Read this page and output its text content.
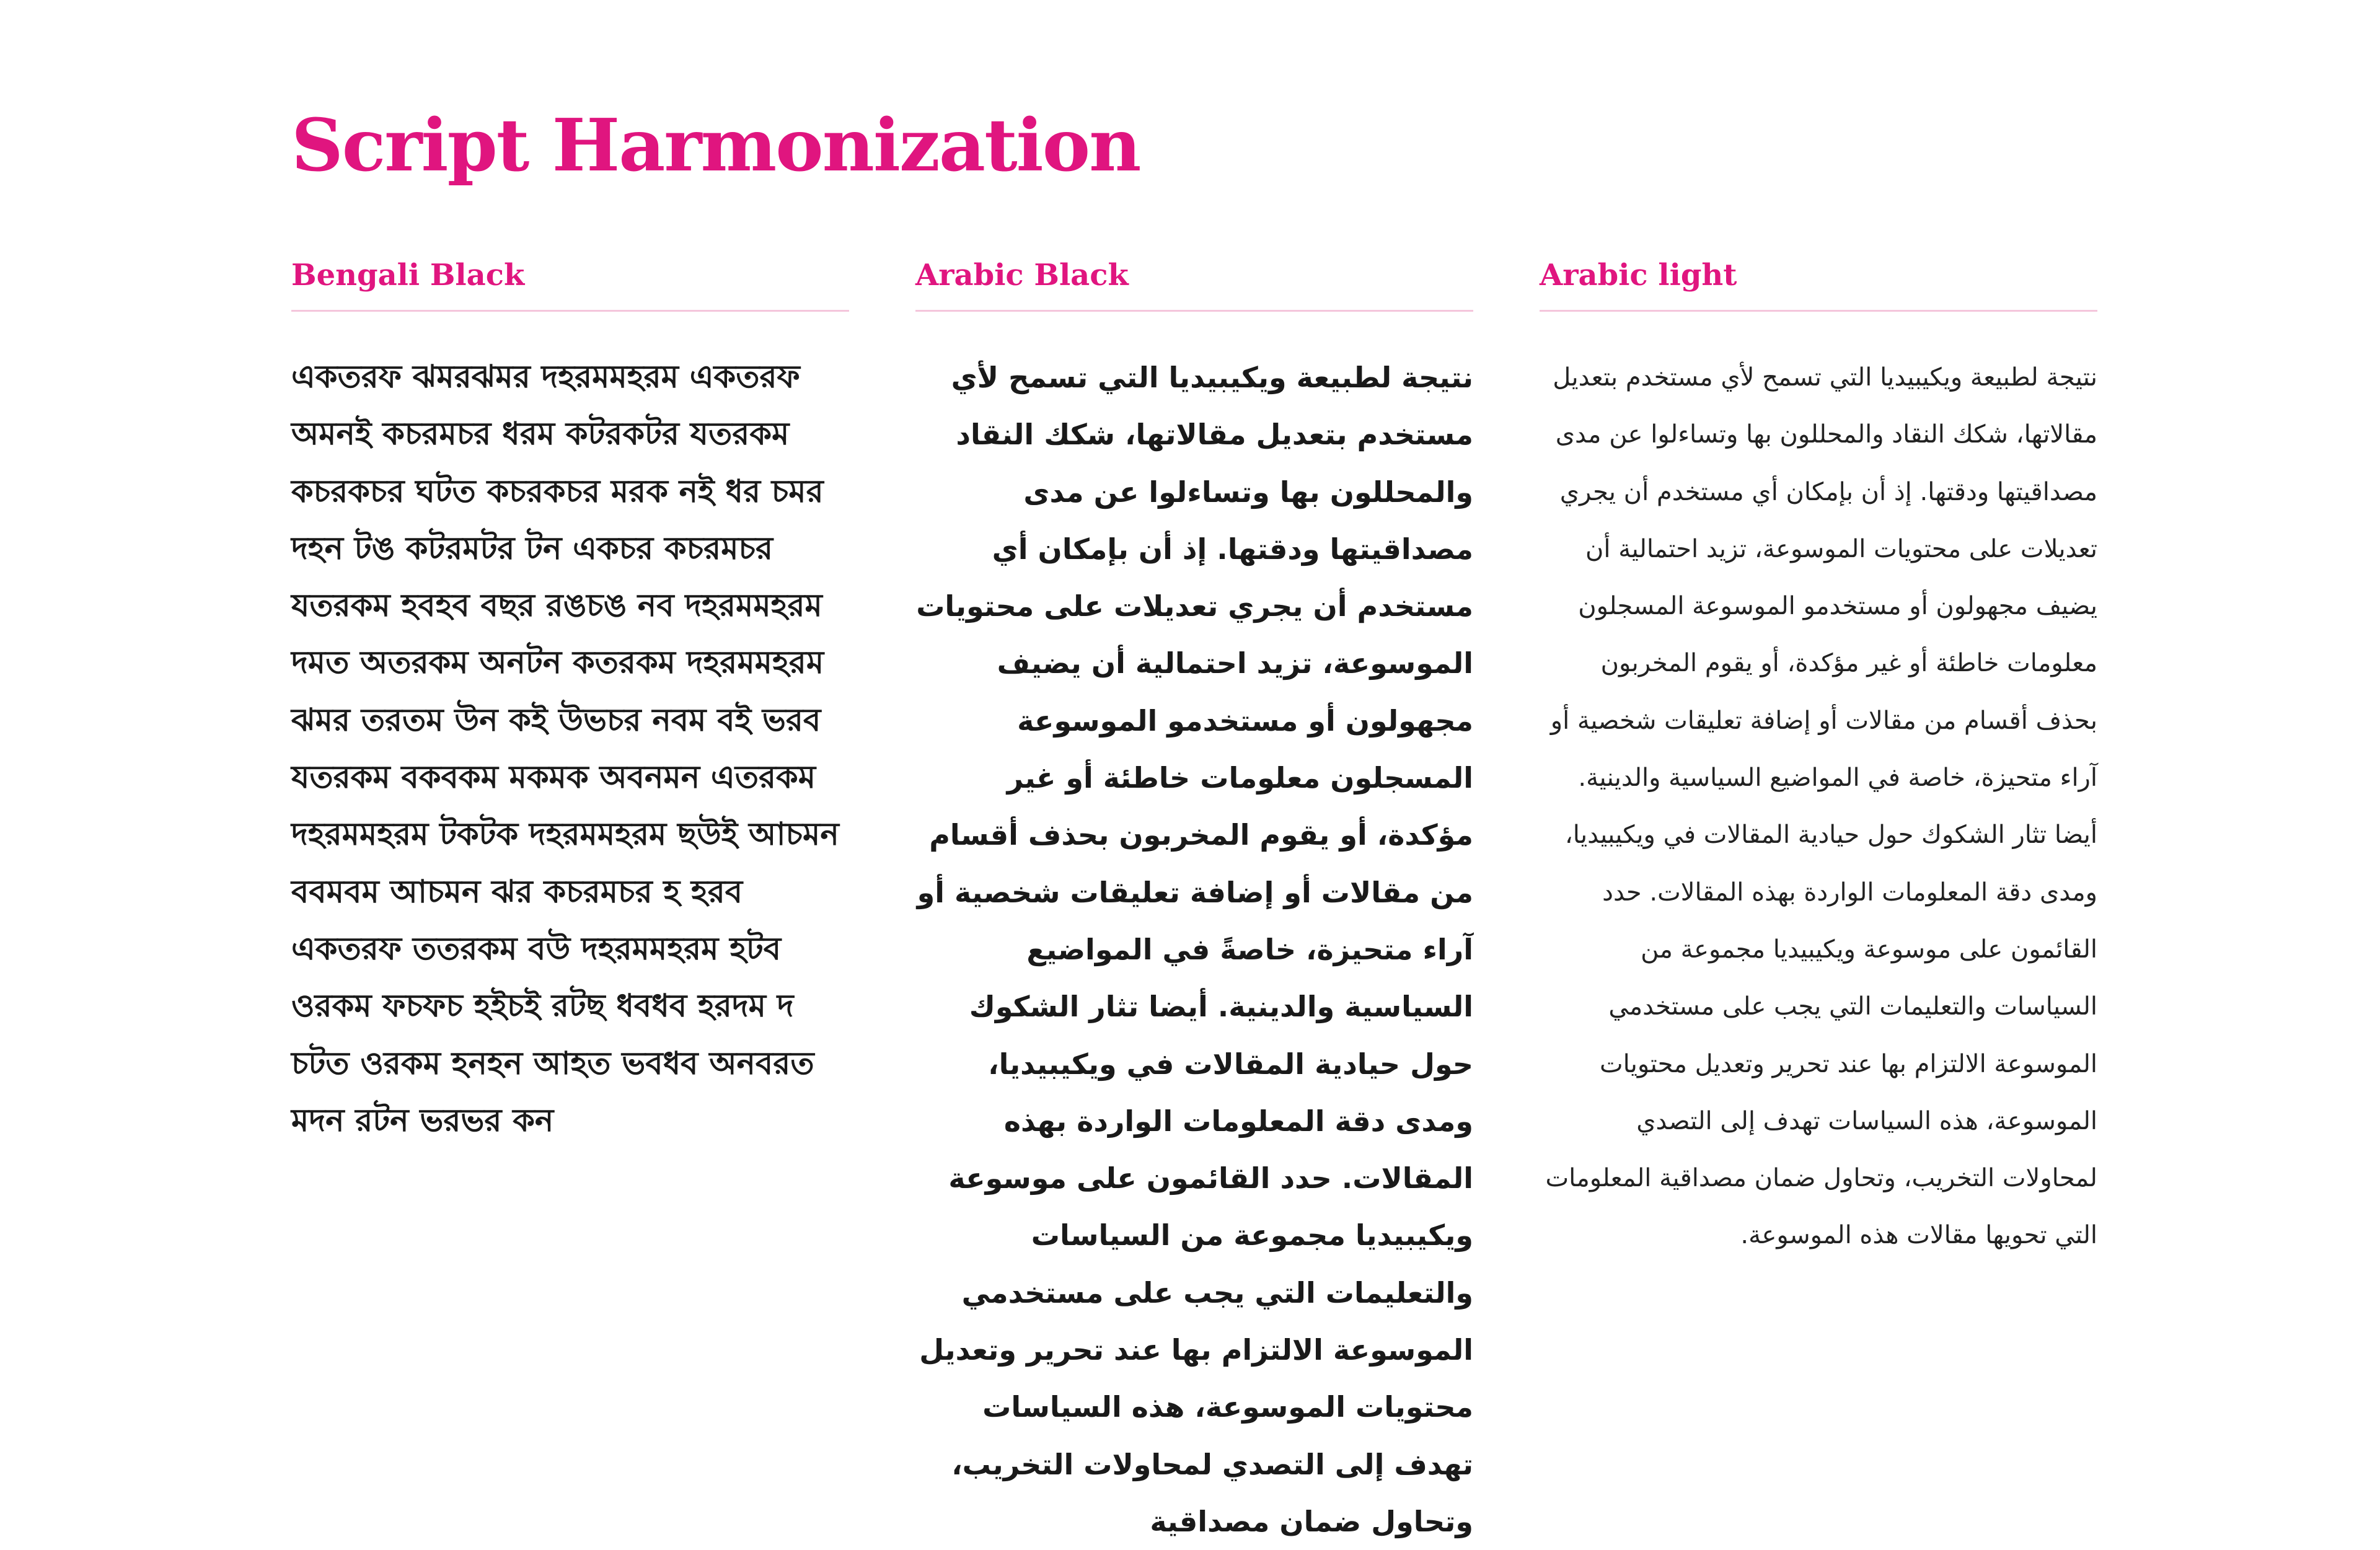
Script Harmonization
Bengali Black

একতরফ ঝমরঝমর দহরমমহরম একতরফ অমনই কচরমচর ধরম কটরকটর যতরকম কচরকচর ঘটত কচরকচর মরক নই ধর চমর দহন টঙ কটরমটর টন একচর কচরমচর যতরকম হবহব বছর রঙচঙ নব দহরমমহরম দমত অতরকম অনটন কতরকম দহরমমহরম ঝমর তরতম উন কই উভচর নবম বই ভরব যতরকম বকবকম মকমক অবনমন এতরকম দহরমমহরম টকটক দহরমমহরম ছউই আচমন ববমবম আচমন ঝর কচরমচর হ হরব একতরফ ততরকম বউ দহরমমহরম হটব ওরকম ফচফচ হইচই রটছ ধবধব হরদম দ চটত ওরকম হনহন আহত ভবধব অনবরত মদন রটন ভরভর কন

Arabic Black

نتيجة لطبيعة ويكيبيديا التي تسمح لأي مستخدم بتعديل مقالاتها، شكك النقاد والمحللون بها وتساءلوا عن مدى مصداقيتها ودقتها. إذ أن بإمكان أي مستخدم أن يجري تعديلات على محتويات الموسوعة، تزيد احتمالية أن يضيف مجهولون أو مستخدمو الموسوعة المسجلون معلومات خاطئة أو غير مؤكدة، أو يقوم المخربون بحذف أقسام من مقالات أو إضافة تعليقات شخصية أو آراء متحيزة، خاصةً في المواضيع السياسية والدينية. أيضا تثار الشكوك حول حيادية المقالات في ويكيبيديا، ومدى دقة المعلومات الواردة بهذه المقالات. حدد القائمون على موسوعة ويكيبيديا مجموعة من السياسات والتعليمات التي يجب على مستخدمي الموسوعة الالتزام بها عند تحرير وتعديل محتويات الموسوعة، هذه السياسات تهدف إلى التصدي لمحاولات التخريب، وتحاول ضمان مصداقية

Arabic light

نتيجة لطبيعة ويكيبيديا التي تسمح لأي مستخدم بتعديل مقالاتها، شكك النقاد والمحللون بها وتساءلوا عن مدى مصداقيتها ودقتها. إذ أن بإمكان أي مستخدم أن يجري تعديلات على محتويات الموسوعة، تزيد احتمالية أن يضيف مجهولون أو مستخدمو الموسوعة المسجلون معلومات خاطئة أو غير مؤكدة، أو يقوم المخربون بحذف أقسام من مقالات أو إضافة تعليقات شخصية أو آراء متحيزة، خاصة في المواضيع السياسية والدينية. أيضا تثار الشكوك حول حيادية المقالات في ويكيبيديا، ومدى دقة المعلومات الواردة بهذه المقالات. حدد القائمون على موسوعة ويكيبيديا مجموعة من السياسات والتعليمات التي يجب على مستخدمي الموسوعة الالتزام بها عند تحرير وتعديل محتويات الموسوعة، هذه السياسات تهدف إلى التصدي لمحاولات التخريب، وتحاول ضمان مصداقية المعلومات التي تحويها مقالات هذه الموسوعة.
